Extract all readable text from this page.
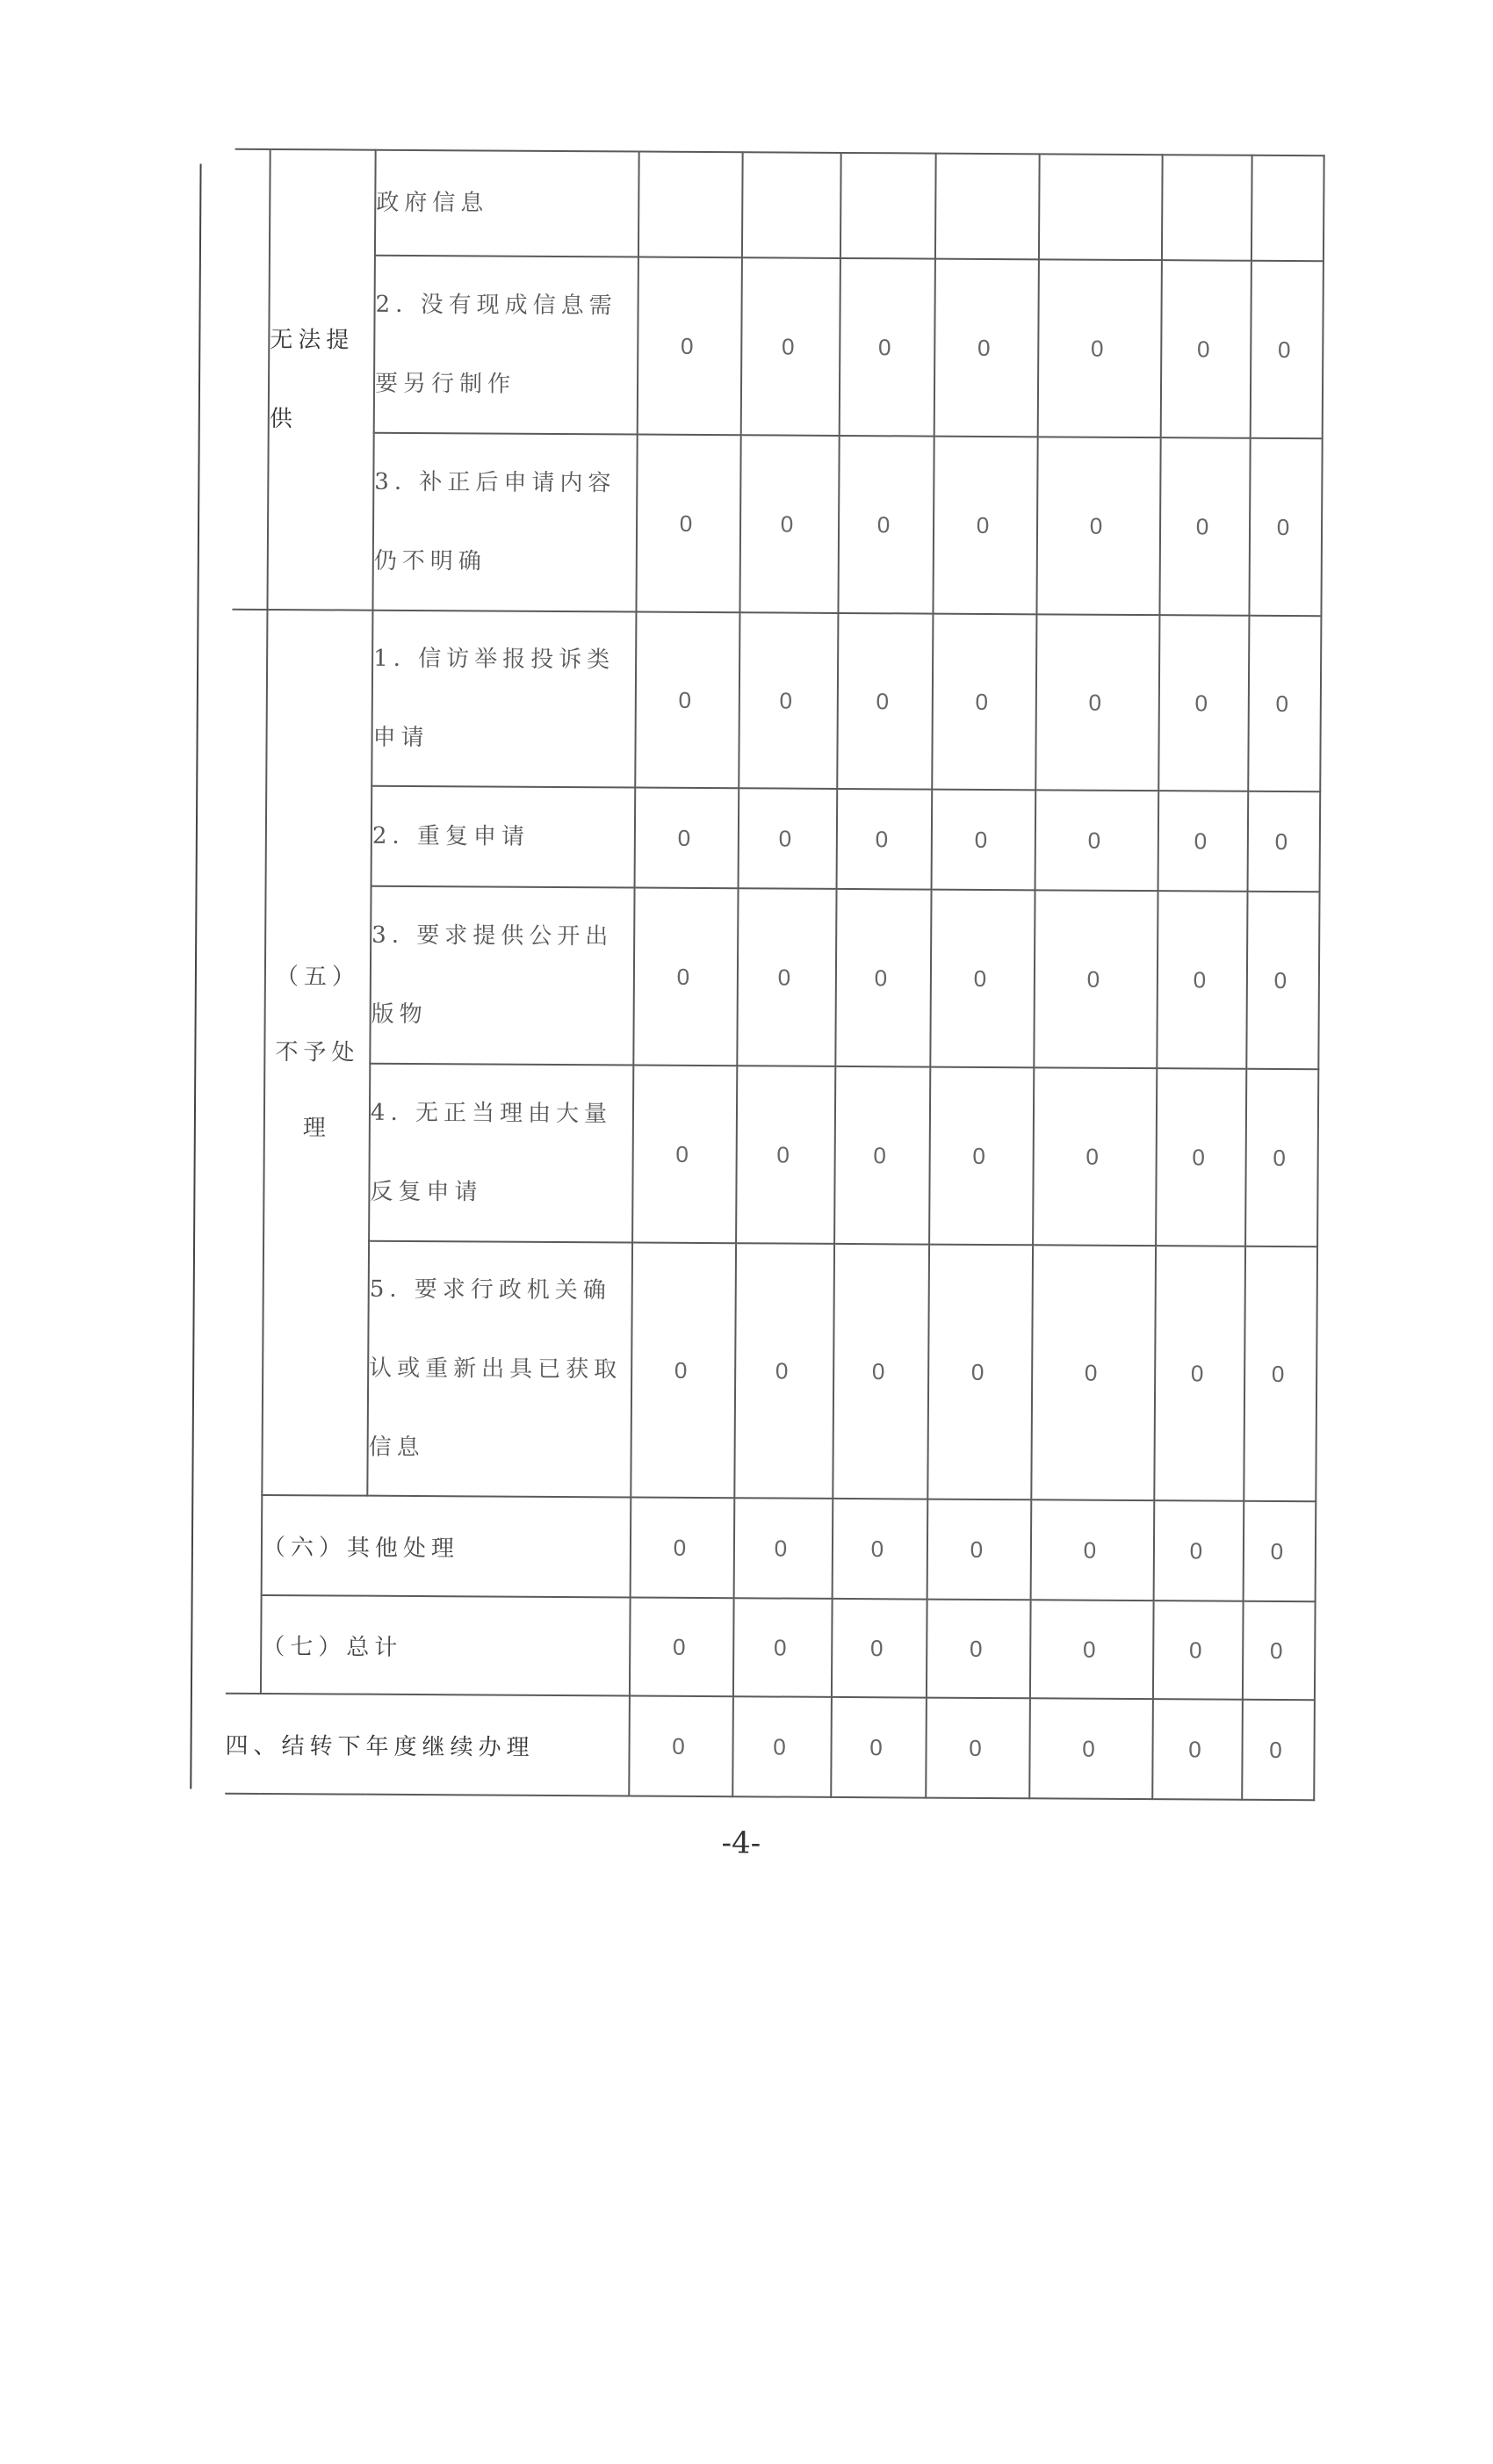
	无法提供	政府信息							
		2. 没有现成信息需要另行制作	0	0	0	0	0	0	0
		3. 补正后申请内容仍不明确	0	0	0	0	0	0	0
	（五）不予处理	1. 信访举报投诉类申请	0	0	0	0	0	0	0
		2. 重复申请	0	0	0	0	0	0	0
		3. 要求提供公开出版物	0	0	0	0	0	0	0
		4. 无正当理由大量反复申请	0	0	0	0	0	0	0
		5. 要求行政机关确认或重新出具已获取信息	0	0	0	0	0	0	0
	（六）其他处理		0	0	0	0	0	0	0
	（七）总计		0	0	0	0	0	0	0
四、结转下年度继续办理			0	0	0	0	0	0	0
-4-
